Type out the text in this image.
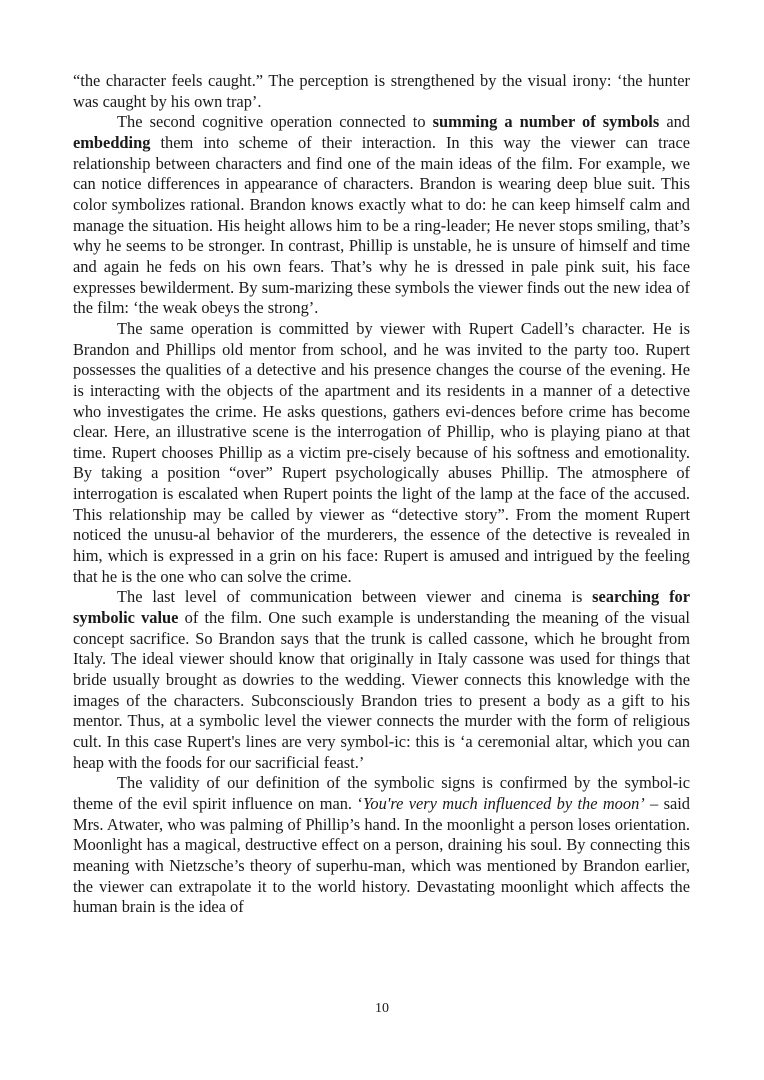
“the character feels caught.” The perception is strengthened by the visual irony: ‘the hunter was caught by his own trap’.

The second cognitive operation connected to summing a number of symbols and embedding them into scheme of their interaction. In this way the viewer can trace relationship between characters and find one of the main ideas of the film. For example, we can notice differences in appearance of characters. Brandon is wearing deep blue suit. This color symbolizes rational. Brandon knows exactly what to do: he can keep himself calm and manage the situation. His height allows him to be a ring-leader; He never stops smiling, that’s why he seems to be stronger. In contrast, Phillip is unstable, he is unsure of himself and time and again he feds on his own fears. That’s why he is dressed in pale pink suit, his face expresses bewilderment. By sum-marizing these symbols the viewer finds out the new idea of the film: ‘the weak obeys the strong’.

The same operation is committed by viewer with Rupert Cadell’s character. He is Brandon and Phillips old mentor from school, and he was invited to the party too. Rupert possesses the qualities of a detective and his presence changes the course of the evening. He is interacting with the objects of the apartment and its residents in a manner of a detective who investigates the crime. He asks questions, gathers evi-dences before crime has become clear. Here, an illustrative scene is the interrogation of Phillip, who is playing piano at that time. Rupert chooses Phillip as a victim pre-cisely because of his softness and emotionality. By taking a position “over” Rupert psychologically abuses Phillip. The atmosphere of interrogation is escalated when Rupert points the light of the lamp at the face of the accused. This relationship may be called by viewer as “detective story”. From the moment Rupert noticed the unusu-al behavior of the murderers, the essence of the detective is revealed in him, which is expressed in a grin on his face: Rupert is amused and intrigued by the feeling that he is the one who can solve the crime.

The last level of communication between viewer and cinema is searching for symbolic value of the film. One such example is understanding the meaning of the visual concept sacrifice. So Brandon says that the trunk is called cassone, which he brought from Italy. The ideal viewer should know that originally in Italy cassone was used for things that bride usually brought as dowries to the wedding. Viewer connects this knowledge with the images of the characters. Subconsciously Brandon tries to present a body as a gift to his mentor. Thus, at a symbolic level the viewer connects the murder with the form of religious cult. In this case Rupert's lines are very symbol-ic: this is ‘a ceremonial altar, which you can heap with the foods for our sacrificial feast.’

The validity of our definition of the symbolic signs is confirmed by the symbol-ic theme of the evil spirit influence on man. ‘You're very much influenced by the moon’ – said Mrs. Atwater, who was palming of Phillip’s hand. In the moonlight a person loses orientation. Moonlight has a magical, destructive effect on a person, draining his soul. By connecting this meaning with Nietzsche’s theory of superhu-man, which was mentioned by Brandon earlier, the viewer can extrapolate it to the world history. Devastating moonlight which affects the human brain is the idea of

10
